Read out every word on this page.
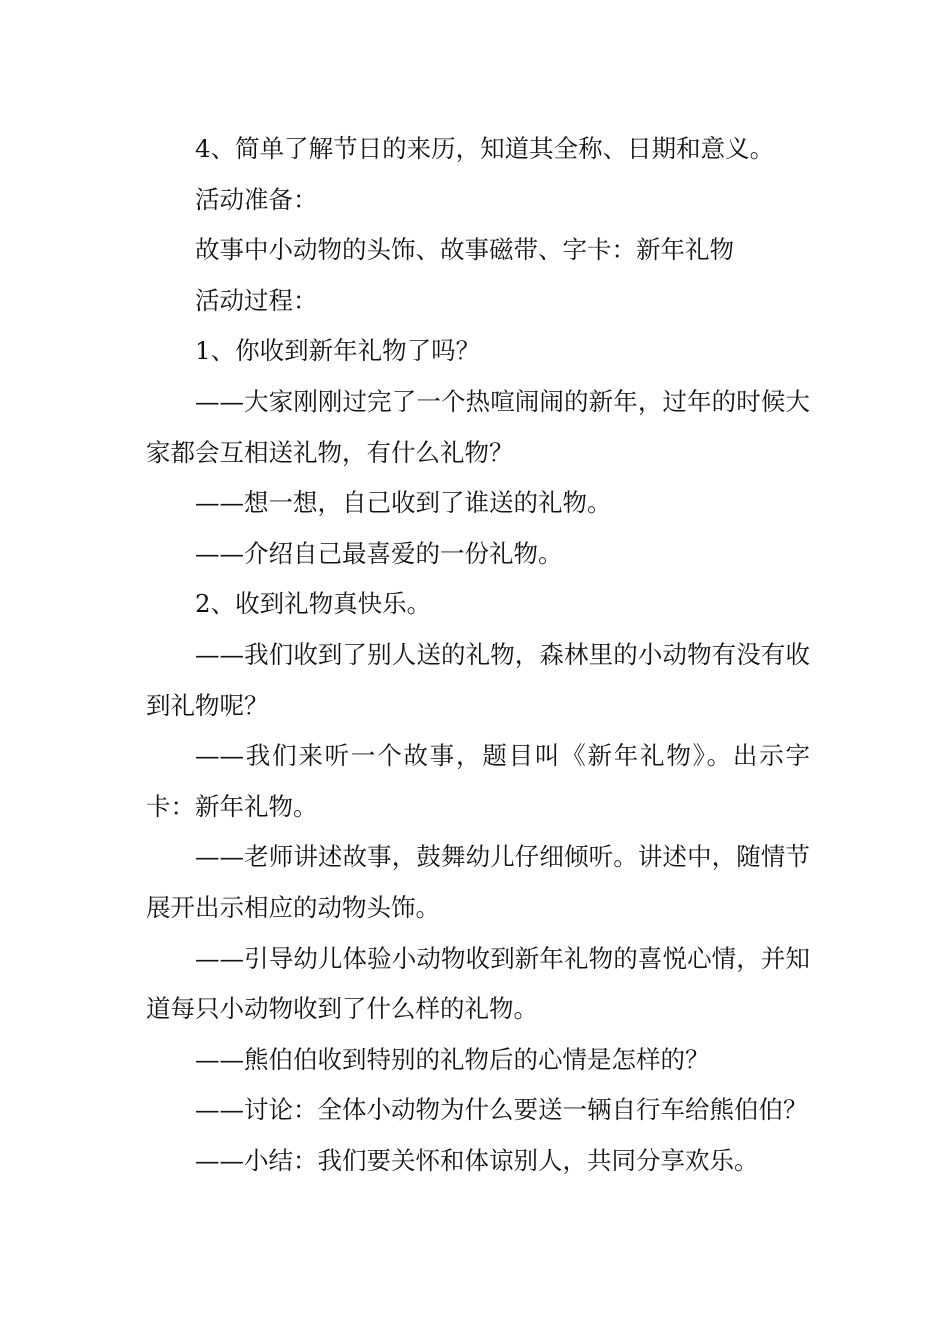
4、简单了解节日的来历，知道其全称、日期和意义。

活动准备：

故事中小动物的头饰、故事磁带、字卡：新年礼物

活动过程：

1、你收到新年礼物了吗？

——大家刚刚过完了一个热喧闹闹的新年，过年的时候大家都会互相送礼物，有什么礼物？

——想一想，自己收到了谁送的礼物。

——介绍自己最喜爱的一份礼物。

2、收到礼物真快乐。

——我们收到了别人送的礼物，森林里的小动物有没有收到礼物呢？

——我们来听一个故事，题目叫《新年礼物》。出示字卡：新年礼物。

——老师讲述故事，鼓舞幼儿仔细倾听。讲述中，随情节展开出示相应的动物头饰。

——引导幼儿体验小动物收到新年礼物的喜悦心情，并知道每只小动物收到了什么样的礼物。

——熊伯伯收到特别的礼物后的心情是怎样的？

——讨论：全体小动物为什么要送一辆自行车给熊伯伯？

——小结：我们要关怀和体谅别人，共同分享欢乐。
